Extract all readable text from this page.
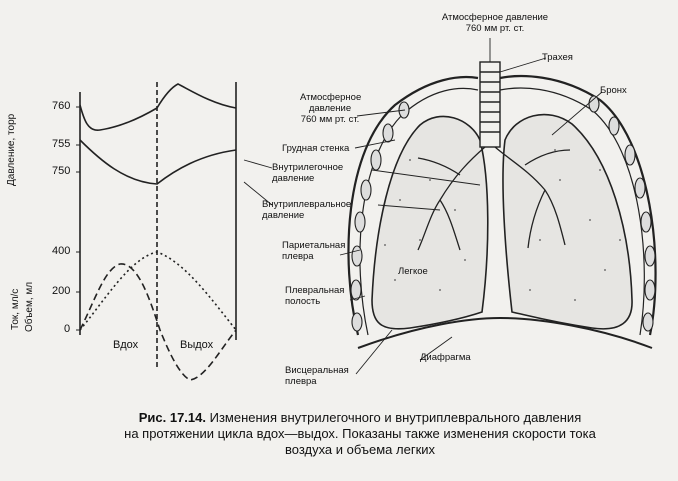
Давление, торр
Ток, мл/с Объем, мл
760
755
750
400
200
0
Вдох	Выдох
Атмосферное давление
760 мм рт. ст.
Трахея
Бронх
Атмосферное
давление
760 мм рт. ст.
Грудная стенка
Внутрилегочное
давление
Внутриплевральное
давление
Париетальная
плевра
Легкое
Плевральная
полость
Диафрагма
Висцеральная
плевра
Рис. 17.14. Изменения внутрилегочного и внутриплеврального давления
на протяжении цикла вдох—выдох. Показаны также изменения скорости тока
воздуха и объема легких
